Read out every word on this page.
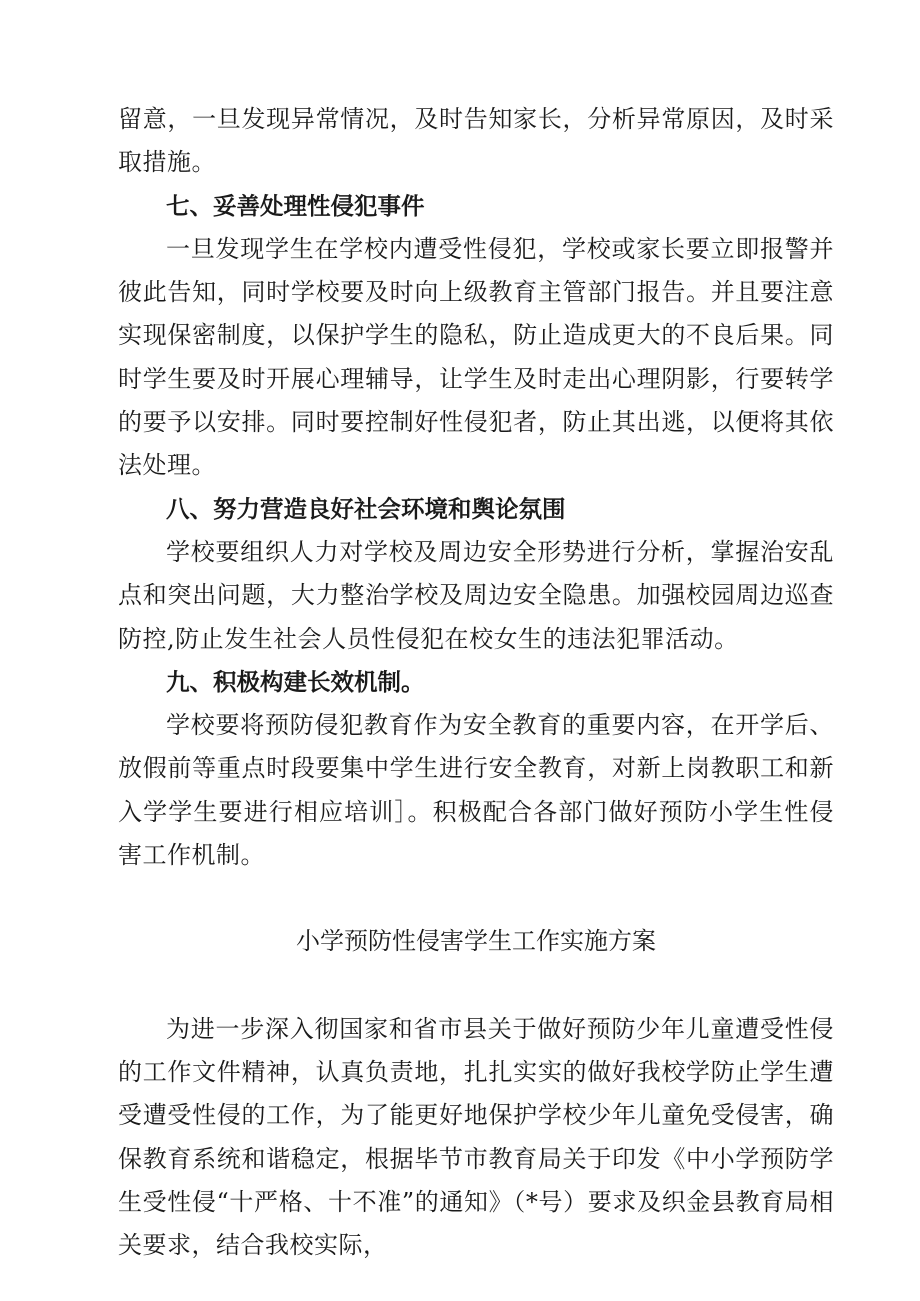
留意，一旦发现异常情况，及时告知家长，分析异常原因，及时采取措施。

七、妥善处理性侵犯事件

一旦发现学生在学校内遭受性侵犯，学校或家长要立即报警并彼此告知，同时学校要及时向上级教育主管部门报告。并且要注意实现保密制度，以保护学生的隐私，防止造成更大的不良后果。同时学生要及时开展心理辅导，让学生及时走出心理阴影，行要转学的要予以安排。同时要控制好性侵犯者，防止其出逃，以便将其依法处理。

八、努力营造良好社会环境和舆论氛围

学校要组织人力对学校及周边安全形势进行分析，掌握治安乱点和突出问题，大力整治学校及周边安全隐患。加强校园周边巡查防控,防止发生社会人员性侵犯在校女生的违法犯罪活动。

九、积极构建长效机制。

学校要将预防侵犯教育作为安全教育的重要内容，在开学后、放假前等重点时段要集中学生进行安全教育，对新上岗教职工和新入学学生要进行相应培训］。积极配合各部门做好预防小学生性侵害工作机制。

小学预防性侵害学生工作实施方案

为进一步深入彻国家和省市县关于做好预防少年儿童遭受性侵的工作文件精神，认真负责地，扎扎实实的做好我校学防止学生遭受遭受性侵的工作，为了能更好地保护学校少年儿童免受侵害，确保教育系统和谐稳定，根据毕节市教育局关于印发《中小学预防学生受性侵“十严格、十不准”的通知》（*号）要求及织金县教育局相关要求，结合我校实际，
